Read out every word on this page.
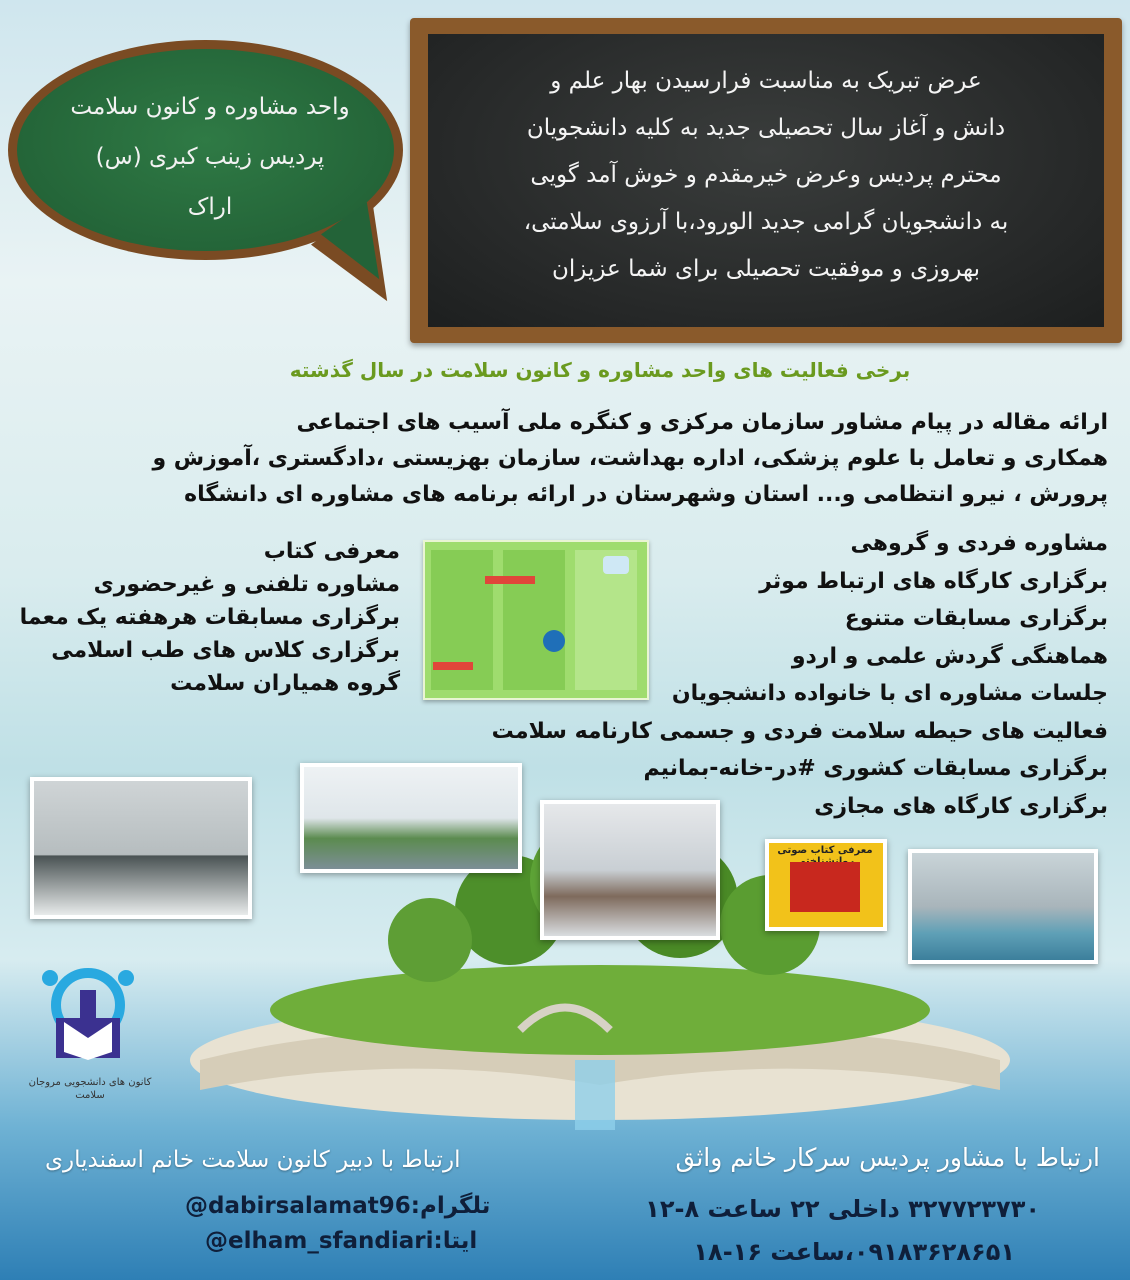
عرض تبریک به مناسبت فرارسیدن بهار علم و
دانش و آغاز سال تحصیلی جدید به کلیه دانشجویان
محترم پردیس وعرض خیرمقدم و خوش آمد گویی
به دانشجویان گرامی جدید الورود،با آرزوی سلامتی،
بهروزی و موفقیت تحصیلی برای شما عزیزان
واحد مشاوره و کانون سلامت
پردیس زینب کبری (س)
اراک
برخی فعالیت های واحد مشاوره و کانون سلامت در سال گذشته
ارائه مقاله در پیام مشاور سازمان مرکزی و کنگره ملی آسیب های اجتماعی
همکاری و تعامل با علوم پزشکی، اداره بهداشت، سازمان بهزیستی ،دادگستری ،آموزش و
پرورش ، نیرو انتظامی و... استان وشهرستان در ارائه برنامه های مشاوره ای دانشگاه
مشاوره فردی و گروهی
برگزاری کارگاه های ارتباط موثر
برگزاری مسابقات متنوع
هماهنگی گردش علمی و اردو
جلسات مشاوره ای با خانواده دانشجویان
فعالیت های حیطه سلامت فردی و جسمی کارنامه سلامت
برگزاری مسابقات کشوری #در-خانه-بمانیم
برگزاری کارگاه های مجازی
معرفی کتاب
مشاوره تلفنی و غیرحضوری
برگزاری مسابقات هرهفته یک معما
برگزاری کلاس های طب اسلامی
گروه همیاران سلامت
معرفی کتاب صوتی
کانون های دانشجویی مروجان سلامت
ارتباط با مشاور پردیس سرکار خانم واثق
ارتباط با دبیر کانون سلامت خانم اسفندیاری
۳۲۷۷۲۳۷۳۰ داخلی ۲۲ ساعت ۸-۱۲
۰۹۱۸۳۶۲۸۶۵۱،ساعت ۱۶-۱۸
@dabirsalamat96:تلگرام
@elham_sfandiari:ایتا
